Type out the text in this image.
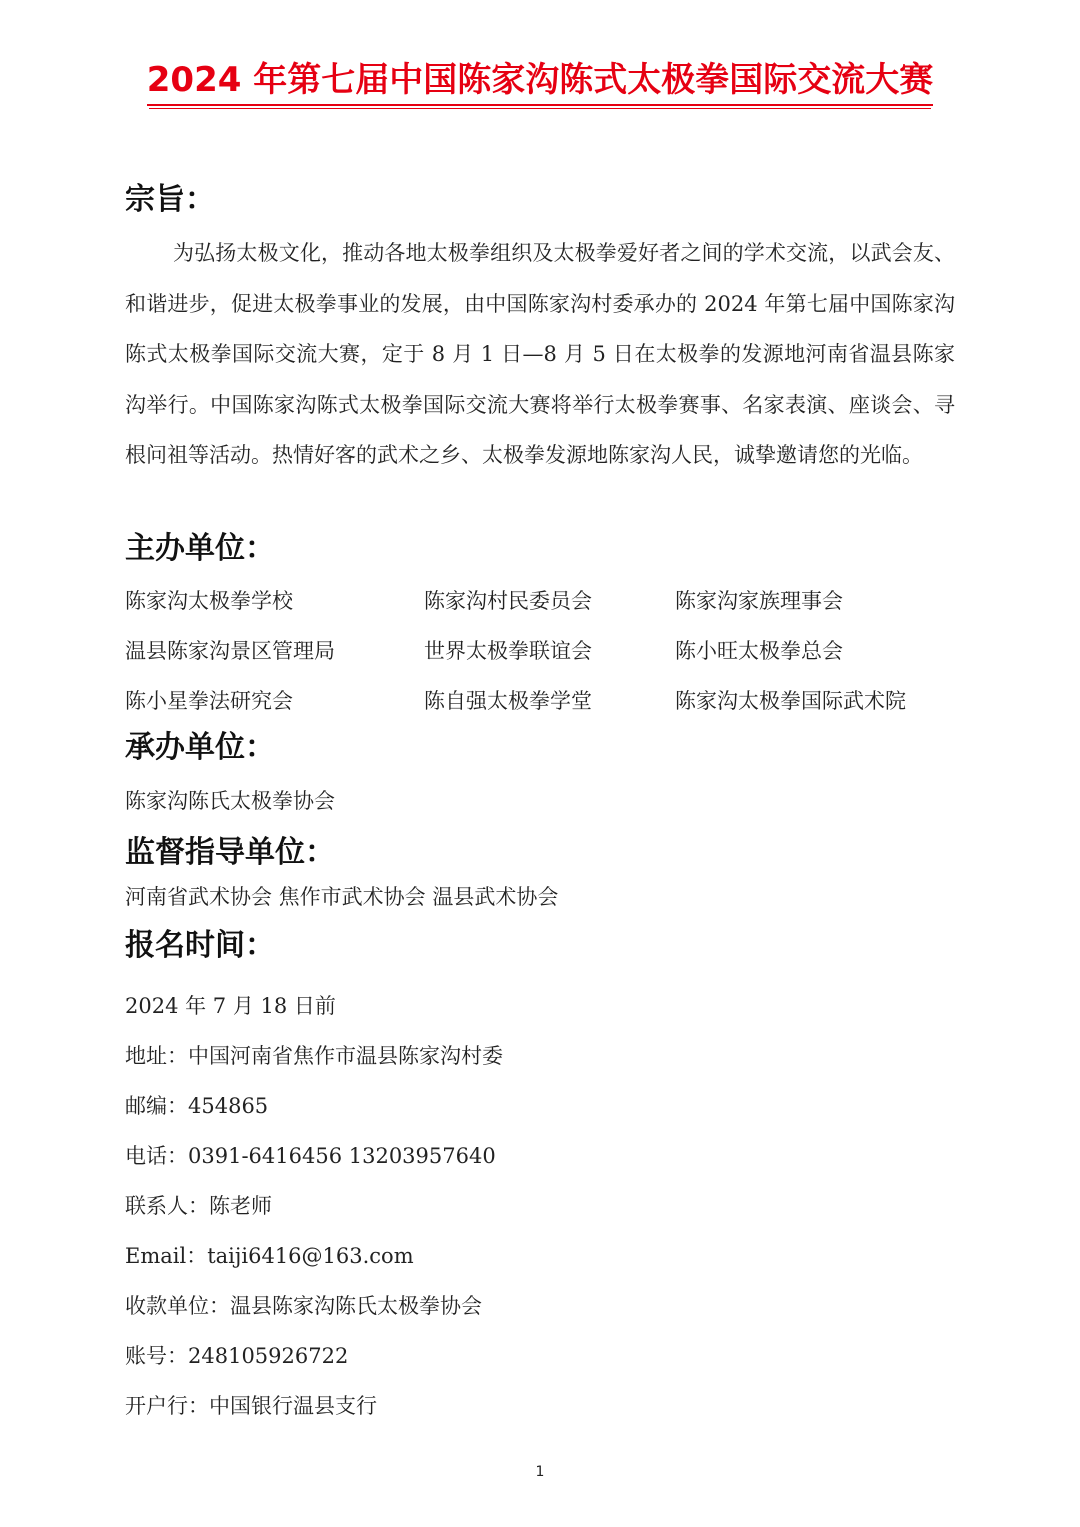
2024 年第七届中国陈家沟陈式太极拳国际交流大赛
宗旨：
为弘扬太极文化，推动各地太极拳组织及太极拳爱好者之间的学术交流，以武会友、和谐进步，促进太极拳事业的发展，由中国陈家沟村委承办的 2024 年第七届中国陈家沟陈式太极拳国际交流大赛，定于 8 月 1 日—8 月 5 日在太极拳的发源地河南省温县陈家沟举行。中国陈家沟陈式太极拳国际交流大赛将举行太极拳赛事、名家表演、座谈会、寻根问祖等活动。热情好客的武术之乡、太极拳发源地陈家沟人民，诚挚邀请您的光临。
主办单位：
陈家沟太极拳学校	陈家沟村民委员会	陈家沟家族理事会
温县陈家沟景区管理局	世界太极拳联谊会	陈小旺太极拳总会
陈小星拳法研究会	陈自强太极拳学堂	陈家沟太极拳国际武术院
承办单位：
陈家沟陈氏太极拳协会
监督指导单位：
河南省武术协会 焦作市武术协会 温县武术协会
报名时间：
2024 年 7 月 18 日前
地址：中国河南省焦作市温县陈家沟村委
邮编：454865
电话：0391-6416456 13203957640
联系人：陈老师
Email：taiji6416@163.com
收款单位：温县陈家沟陈氏太极拳协会
账号：248105926722
开户行：中国银行温县支行
1
